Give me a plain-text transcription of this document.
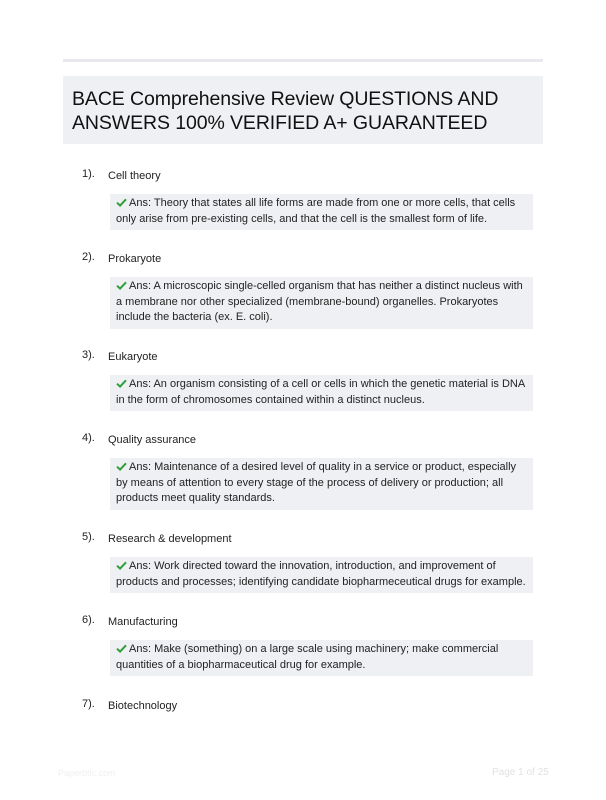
BACE Comprehensive Review QUESTIONS AND ANSWERS 100% VERIFIED A+ GUARANTEED
1). Cell theory
Ans: Theory that states all life forms are made from one or more cells, that cells only arise from pre-existing cells, and that the cell is the smallest form of life.
2). Prokaryote
Ans: A microscopic single-celled organism that has neither a distinct nucleus with a membrane nor other specialized (membrane-bound) organelles. Prokaryotes include the bacteria (ex. E. coli).
3). Eukaryote
Ans: An organism consisting of a cell or cells in which the genetic material is DNA in the form of chromosomes contained within a distinct nucleus.
4). Quality assurance
Ans: Maintenance of a desired level of quality in a service or product, especially by means of attention to every stage of the process of delivery or production; all products meet quality standards.
5). Research & development
Ans: Work directed toward the innovation, introduction, and improvement of products and processes; identifying candidate biopharmeceutical drugs for example.
6). Manufacturing
Ans: Make (something) on a large scale using machinery; make commercial quantities of a biopharmaceutical drug for example.
7). Biotechnology
Paperbtic.com	Page 1 of 25
